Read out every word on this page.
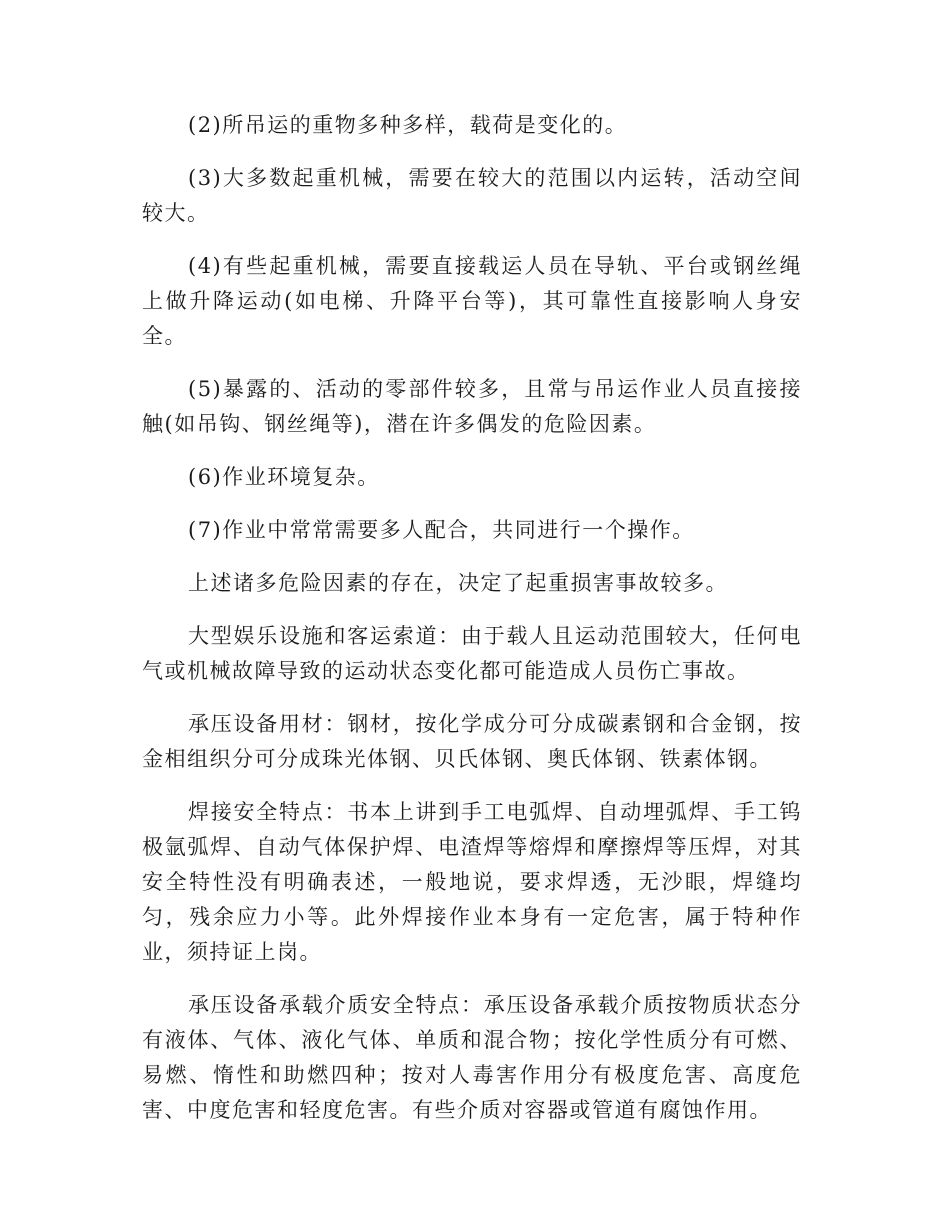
(2)所吊运的重物多种多样，载荷是变化的。

(3)大多数起重机械，需要在较大的范围以内运转，活动空间较大。

(4)有些起重机械，需要直接载运人员在导轨、平台或钢丝绳上做升降运动(如电梯、升降平台等)，其可靠性直接影响人身安全。

(5)暴露的、活动的零部件较多，且常与吊运作业人员直接接触(如吊钩、钢丝绳等)，潜在许多偶发的危险因素。

(6)作业环境复杂。

(7)作业中常常需要多人配合，共同进行一个操作。

上述诸多危险因素的存在，决定了起重损害事故较多。

大型娱乐设施和客运索道：由于载人且运动范围较大，任何电气或机械故障导致的运动状态变化都可能造成人员伤亡事故。

承压设备用材：钢材，按化学成分可分成碳素钢和合金钢，按金相组织分可分成珠光体钢、贝氏体钢、奥氏体钢、铁素体钢。

焊接安全特点：书本上讲到手工电弧焊、自动埋弧焊、手工钨极氩弧焊、自动气体保护焊、电渣焊等熔焊和摩擦焊等压焊，对其安全特性没有明确表述，一般地说，要求焊透，无沙眼，焊缝均匀，残余应力小等。此外焊接作业本身有一定危害，属于特种作业，须持证上岗。

承压设备承载介质安全特点：承压设备承载介质按物质状态分有液体、气体、液化气体、单质和混合物；按化学性质分有可燃、易燃、惰性和助燃四种；按对人毒害作用分有极度危害、高度危害、中度危害和轻度危害。有些介质对容器或管道有腐蚀作用。
